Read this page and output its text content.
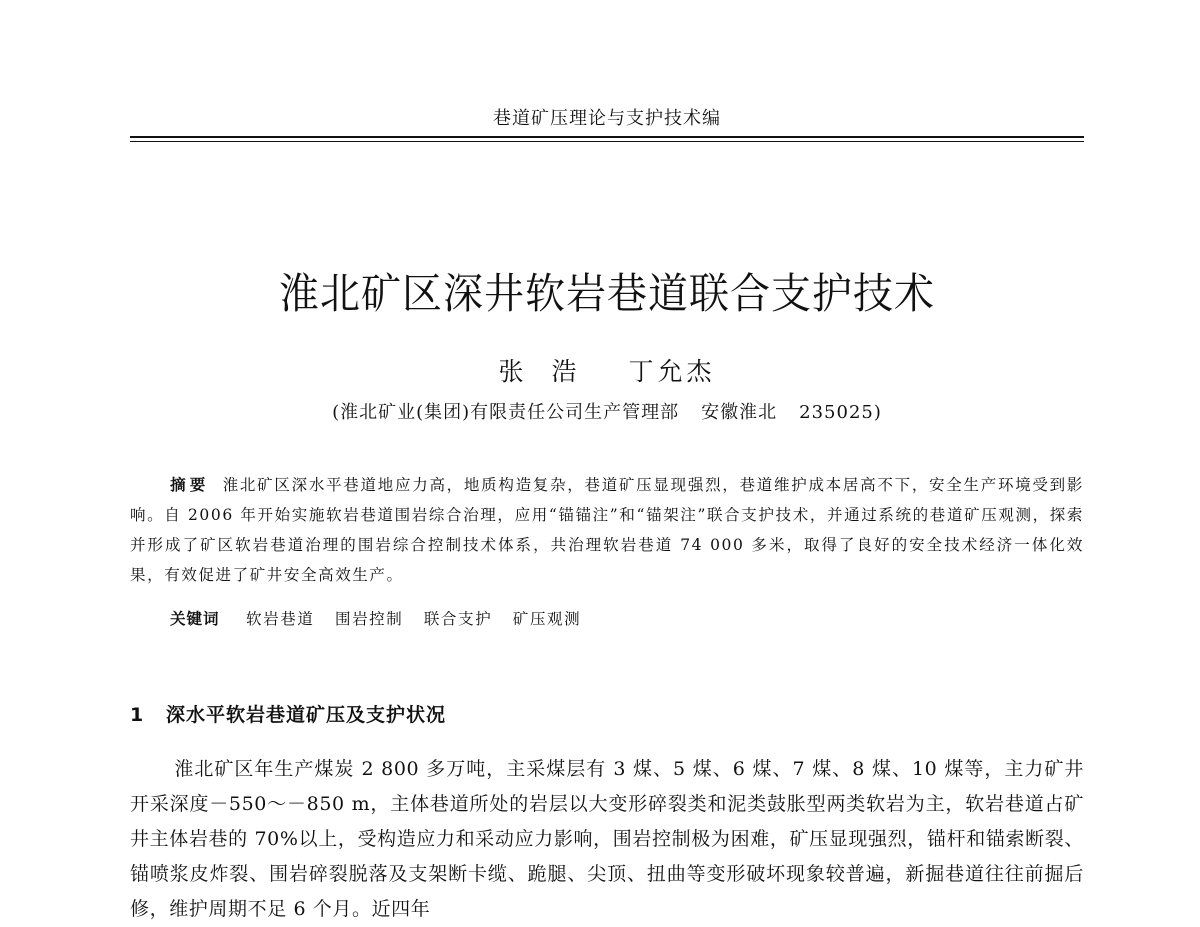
巷道矿压理论与支护技术编
淮北矿区深井软岩巷道联合支护技术
张浩 丁允杰
(淮北矿业(集团)有限责任公司生产管理部 安徽淮北 235025)
摘要 淮北矿区深水平巷道地应力高，地质构造复杂，巷道矿压显现强烈，巷道维护成本居高不下，安全生产环境受到影响。自 2006 年开始实施软岩巷道围岩综合治理，应用“锚锚注”和“锚架注”联合支护技术，并通过系统的巷道矿压观测，探索并形成了矿区软岩巷道治理的围岩综合控制技术体系，共治理软岩巷道 74 000 多米，取得了良好的安全技术经济一体化效果，有效促进了矿井安全高效生产。
关键词 软岩巷道 围岩控制 联合支护 矿压观测
1 深水平软岩巷道矿压及支护状况
淮北矿区年生产煤炭 2 800 多万吨，主采煤层有 3 煤、5 煤、6 煤、7 煤、8 煤、10 煤等，主力矿井开采深度－550～－850 m，主体巷道所处的岩层以大变形碎裂类和泥类鼓胀型两类软岩为主，软岩巷道占矿井主体岩巷的 70%以上，受构造应力和采动应力影响，围岩控制极为困难，矿压显现强烈，锚杆和锚索断裂、锚喷浆皮炸裂、围岩碎裂脱落及支架断卡缆、跪腿、尖顶、扭曲等变形破坏现象较普遍，新掘巷道往往前掘后修，维护周期不足 6 个月。近四年
